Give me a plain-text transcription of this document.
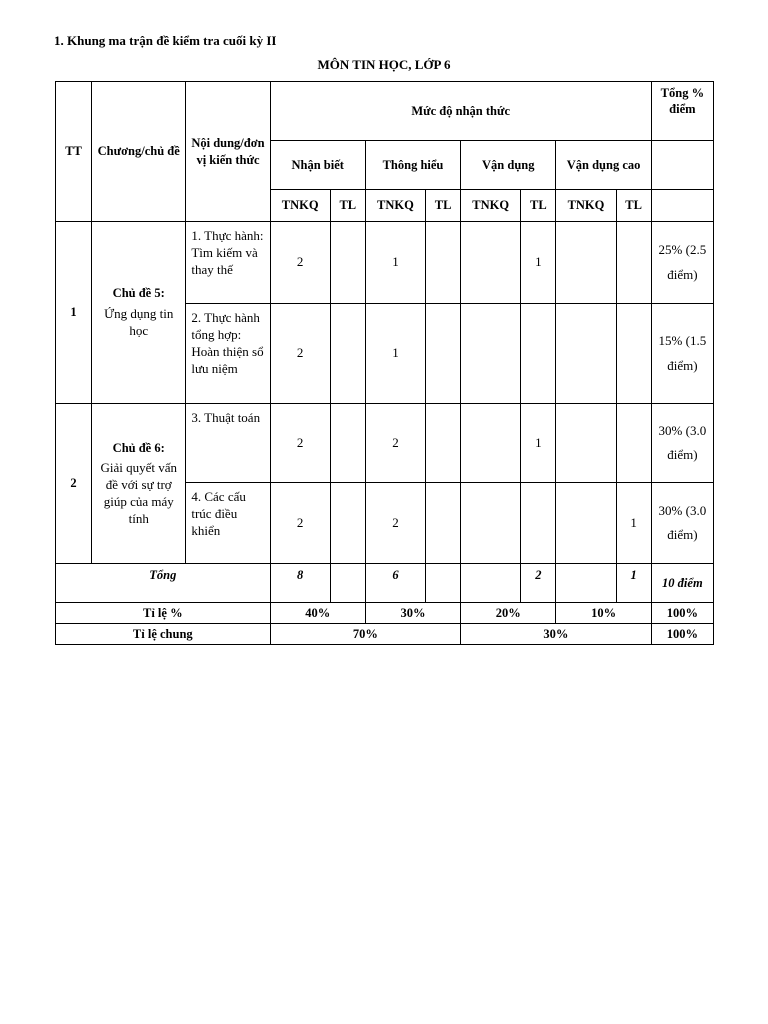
1. Khung ma trận đề kiểm tra cuối kỳ II
MÔN TIN HỌC, LỚP 6
TT	Chương/chủ đề	Nội dung/đơn vị kiến thức	Mức độ nhận thức								Tổng % điểm
			Nhận biết		Thông hiểu		Vận dụng		Vận dụng cao		
			TNKQ	TL	TNKQ	TL	TNKQ	TL	TNKQ	TL	
1	Chủ đề 5:
Ứng dụng tin học	1. Thực hành: Tìm kiếm và thay thế	2		1			1			25% (2.5 điểm)
		2. Thực hành tổng hợp: Hoàn thiện sổ lưu niệm	2		1						15% (1.5 điểm)
2	Chủ đề 6:
Giải quyết vấn đề với sự trợ giúp của máy tính	3. Thuật toán	2		2			1			30% (3.0 điểm)
		4. Các cấu trúc điều khiển	2		2					1	30% (3.0 điểm)
Tổng			8		6			2		1	10 điểm
Tỉ lệ %			40%		30%		20%		10%		100%
Tỉ lệ chung			70%				30%				100%
